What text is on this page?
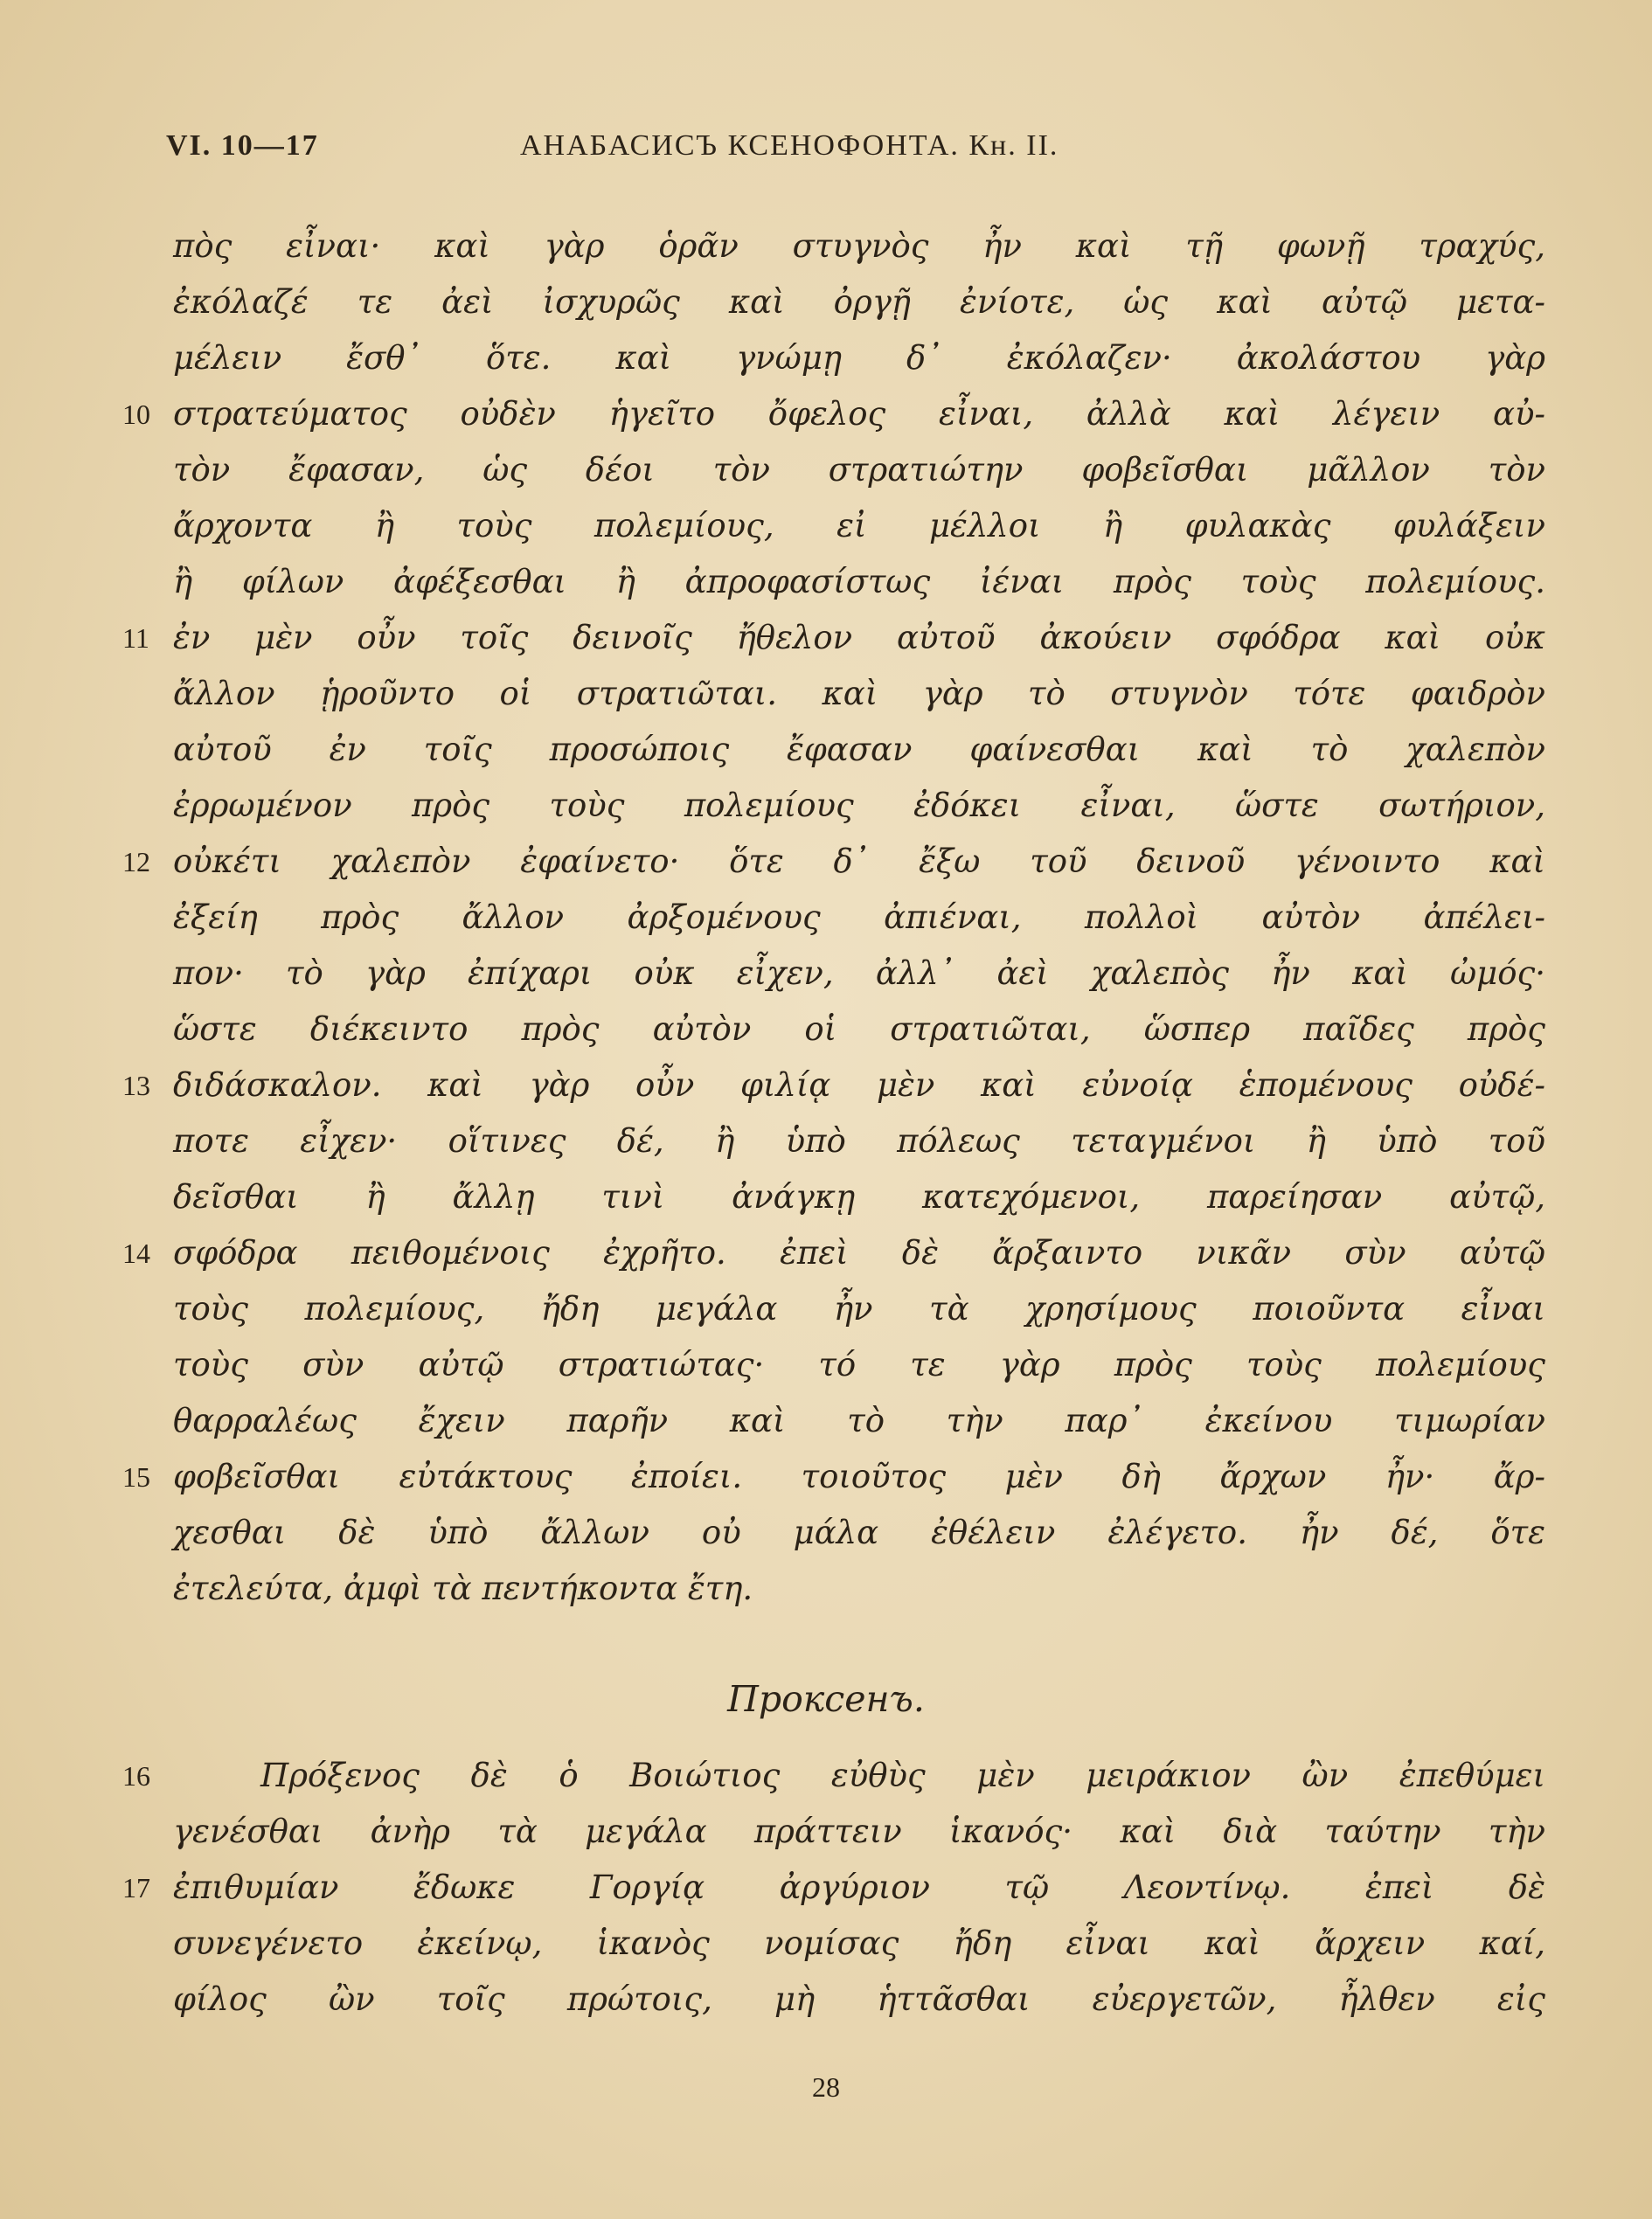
VI. 10—17	АНАБАСИСЪ КСЕНОФОНТА. Кн. II.
πὸς εἶναι· καὶ γὰρ ὁρᾶν στυγνὸς ἦν καὶ τῇ φωνῇ τραχύς,
ἐκόλαζέ τε ἀεὶ ἰσχυρῶς καὶ ὀργῇ ἐνίοτε, ὡς καὶ αὐτῷ μετα-
μέλειν ἔσθ᾽ ὅτε. καὶ γνώμῃ δ᾽ ἐκόλαζεν· ἀκολάστου γὰρ
στρατεύματος οὐδὲν ἡγεῖτο ὄφελος εἶναι, ἀλλὰ καὶ λέγειν αὐ-
τὸν ἔφασαν, ὡς δέοι τὸν στρατιώτην φοβεῖσθαι μᾶλλον τὸν
ἄρχοντα ἢ τοὺς πολεμίους, εἰ μέλλοι ἢ φυλακὰς φυλάξειν
ἢ φίλων ἀφέξεσθαι ἢ ἀπροφασίστως ἰέναι πρὸς τοὺς πολεμίους.
ἐν μὲν οὖν τοῖς δεινοῖς ἤθελον αὐτοῦ ἀκούειν σφόδρα καὶ οὐκ
ἄλλον ᾑροῦντο οἱ στρατιῶται. καὶ γὰρ τὸ στυγνὸν τότε φαιδρὸν
αὐτοῦ ἐν τοῖς προσώποις ἔφασαν φαίνεσθαι καὶ τὸ χαλεπὸν
ἐρρωμένον πρὸς τοὺς πολεμίους ἐδόκει εἶναι, ὥστε σωτήριον,
οὐκέτι χαλεπὸν ἐφαίνετο· ὅτε δ᾽ ἔξω τοῦ δεινοῦ γένοιντο καὶ
ἐξείη πρὸς ἄλλον ἀρξομένους ἀπιέναι, πολλοὶ αὐτὸν ἀπέλει-
πον· τὸ γὰρ ἐπίχαρι οὐκ εἶχεν, ἀλλ᾽ ἀεὶ χαλεπὸς ἦν καὶ ὠμός·
ὥστε διέκειντο πρὸς αὐτὸν οἱ στρατιῶται, ὥσπερ παῖδες πρὸς
διδάσκαλον. καὶ γὰρ οὖν φιλίᾳ μὲν καὶ εὐνοίᾳ ἑπομένους οὐδέ-
ποτε εἶχεν· οἵτινες δέ, ἢ ὑπὸ πόλεως τεταγμένοι ἢ ὑπὸ τοῦ
δεῖσθαι ἢ ἄλλῃ τινὶ ἀνάγκῃ κατεχόμενοι, παρείησαν αὐτῷ,
σφόδρα πειθομένοις ἐχρῆτο. ἐπεὶ δὲ ἄρξαιντο νικᾶν σὺν αὐτῷ
τοὺς πολεμίους, ἤδη μεγάλα ἦν τὰ χρησίμους ποιοῦντα εἶναι
τοὺς σὺν αὐτῷ στρατιώτας· τό τε γὰρ πρὸς τοὺς πολεμίους
θαρραλέως ἔχειν παρῆν καὶ τὸ τὴν παρ᾽ ἐκείνου τιμωρίαν
φοβεῖσθαι εὐτάκτους ἐποίει. τοιοῦτος μὲν δὴ ἄρχων ἦν· ἄρ-
χεσθαι δὲ ὑπὸ ἄλλων οὐ μάλα ἐθέλειν ἐλέγετο. ἦν δέ, ὅτε
ἐτελεύτα, ἀμφὶ τὰ πεντήκοντα ἔτη.
10
11
12
13
14
15
Проксенъ.
Πρόξενος δὲ ὁ Βοιώτιος εὐθὺς μὲν μειράκιον ὢν ἐπεθύμει
γενέσθαι ἀνὴρ τὰ μεγάλα πράττειν ἱκανός· καὶ διὰ ταύτην τὴν
ἐπιθυμίαν ἔδωκε Γοργίᾳ ἀργύριον τῷ Λεοντίνῳ. ἐπεὶ δὲ
συνεγένετο ἐκείνῳ, ἱκανὸς νομίσας ἤδη εἶναι καὶ ἄρχειν καί,
φίλος ὢν τοῖς πρώτοις, μὴ ἡττᾶσθαι εὐεργετῶν, ἦλθεν εἰς
16
17
28
